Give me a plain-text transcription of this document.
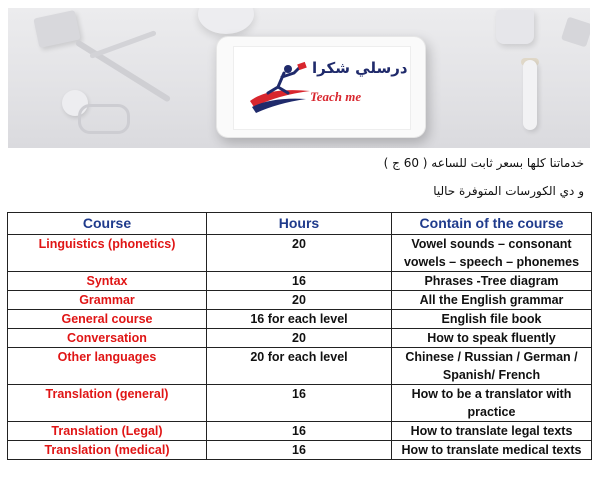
درسلي شكرا
Teach me
خدماتنا كلها بسعر ثابت للساعه ( 60 ج )
و دي الكورسات المتوفرة حاليا
Course	Hours	Contain of the course
Linguistics (phonetics)	20	Vowel sounds – consonant vowels – speech – phonemes
Syntax	16	Phrases -Tree diagram
Grammar	20	All the English grammar
General course	16 for each level	English file book
Conversation	20	How to speak fluently
Other languages	20 for each level	Chinese / Russian / German / Spanish/ French
Translation (general)	16	How to be a translator with practice
Translation (Legal)	16	How to translate legal texts
Translation (medical)	16	How to translate medical texts
